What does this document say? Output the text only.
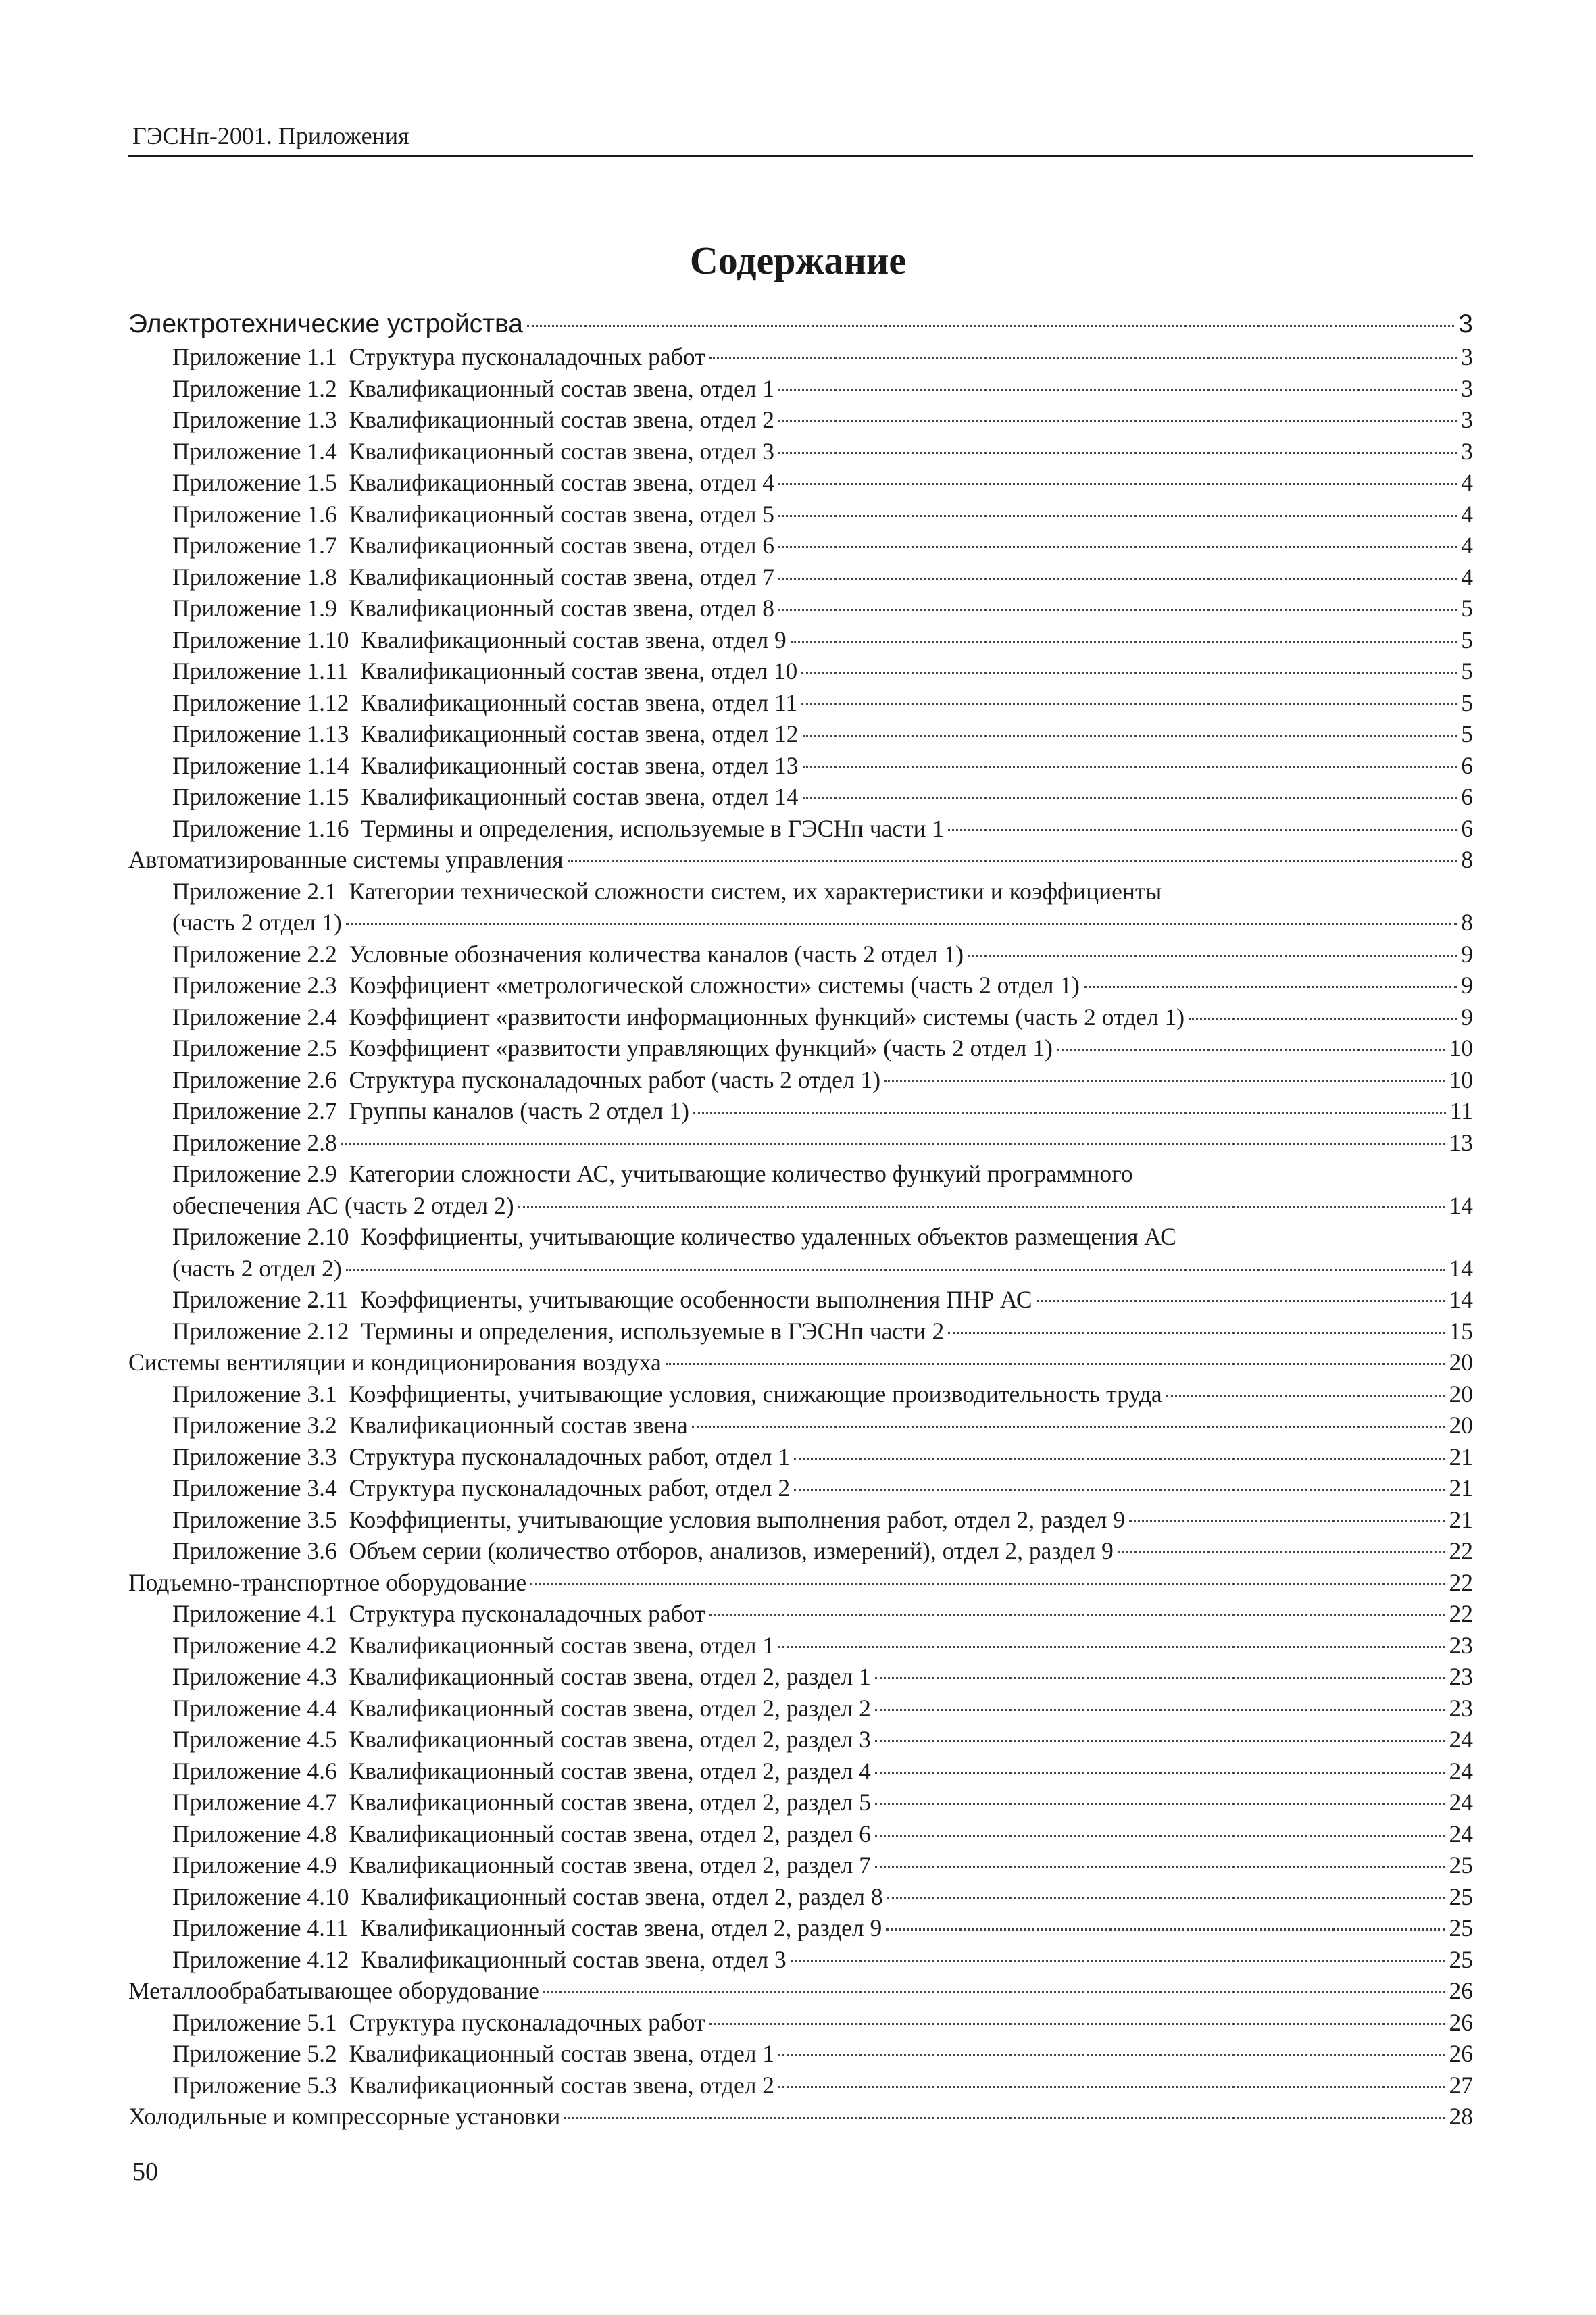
ГЭСНп-2001. Приложения
Содержание
Электротехнические устройства	3
Приложение 1.1  Структура пусконаладочных работ	3
Приложение 1.2  Квалификационный состав звена, отдел 1	3
Приложение 1.3  Квалификационный состав звена, отдел 2	3
Приложение 1.4  Квалификационный состав звена, отдел 3	3
Приложение 1.5  Квалификационный состав звена, отдел 4	4
Приложение 1.6  Квалификационный состав звена, отдел 5	4
Приложение 1.7  Квалификационный состав звена, отдел 6	4
Приложение 1.8  Квалификационный состав звена, отдел 7	4
Приложение 1.9  Квалификационный состав звена, отдел 8	5
Приложение 1.10  Квалификационный состав звена, отдел 9	5
Приложение 1.11  Квалификационный состав звена, отдел 10	5
Приложение 1.12  Квалификационный состав звена, отдел 11	5
Приложение 1.13  Квалификационный состав звена, отдел 12	5
Приложение 1.14  Квалификационный состав звена, отдел 13	6
Приложение 1.15  Квалификационный состав звена, отдел 14	6
Приложение 1.16  Термины и определения, используемые в ГЭСНп части 1	6
Автоматизированные системы управления	8
Приложение 2.1  Категории технической сложности систем, их характеристики и коэффициенты
(часть 2 отдел 1)	8
Приложение 2.2  Условные обозначения количества каналов (часть 2 отдел 1)	9
Приложение 2.3  Коэффициент «метрологической сложности» системы (часть 2 отдел 1)	9
Приложение 2.4  Коэффициент «развитости информационных функций» системы (часть 2 отдел 1)	9
Приложение 2.5  Коэффициент «развитости управляющих функций» (часть 2 отдел 1)	10
Приложение 2.6  Структура пусконаладочных работ (часть 2 отдел 1)	10
Приложение 2.7  Группы каналов (часть 2 отдел 1)	11
Приложение 2.8	13
Приложение 2.9  Категории сложности АС, учитывающие количество функуий программного
обеспечения АС (часть 2 отдел 2)	14
Приложение 2.10  Коэффициенты, учитывающие количество удаленных объектов размещения АС
(часть 2 отдел 2)	14
Приложение 2.11  Коэффициенты, учитывающие особенности выполнения ПНР АС	14
Приложение 2.12  Термины и определения, используемые в ГЭСНп части 2	15
Системы вентиляции и кондиционирования воздуха	20
Приложение 3.1  Коэффициенты, учитывающие условия, снижающие производительность труда	20
Приложение 3.2  Квалификационный состав звена	20
Приложение 3.3  Структура пусконаладочных работ, отдел 1	21
Приложение 3.4  Структура пусконаладочных работ, отдел 2	21
Приложение 3.5  Коэффициенты, учитывающие условия выполнения работ, отдел 2, раздел 9	21
Приложение 3.6  Объем серии (количество отборов, анализов, измерений), отдел 2, раздел 9	22
Подъемно-транспортное оборудование	22
Приложение 4.1  Структура пусконаладочных работ	22
Приложение 4.2  Квалификационный состав звена, отдел 1	23
Приложение 4.3  Квалификационный состав звена, отдел 2, раздел 1	23
Приложение 4.4  Квалификационный состав звена, отдел 2, раздел 2	23
Приложение 4.5  Квалификационный состав звена, отдел 2, раздел 3	24
Приложение 4.6  Квалификационный состав звена, отдел 2, раздел 4	24
Приложение 4.7  Квалификационный состав звена, отдел 2, раздел 5	24
Приложение 4.8  Квалификационный состав звена, отдел 2, раздел 6	24
Приложение 4.9  Квалификационный состав звена, отдел 2, раздел 7	25
Приложение 4.10  Квалификационный состав звена, отдел 2, раздел 8	25
Приложение 4.11  Квалификационный состав звена, отдел 2, раздел 9	25
Приложение 4.12  Квалификационный состав звена, отдел 3	25
Металлообрабатывающее оборудование	26
Приложение 5.1  Структура пусконаладочных работ	26
Приложение 5.2  Квалификационный состав звена, отдел 1	26
Приложение 5.3  Квалификационный состав звена, отдел 2	27
Холодильные и компрессорные установки	28
50
